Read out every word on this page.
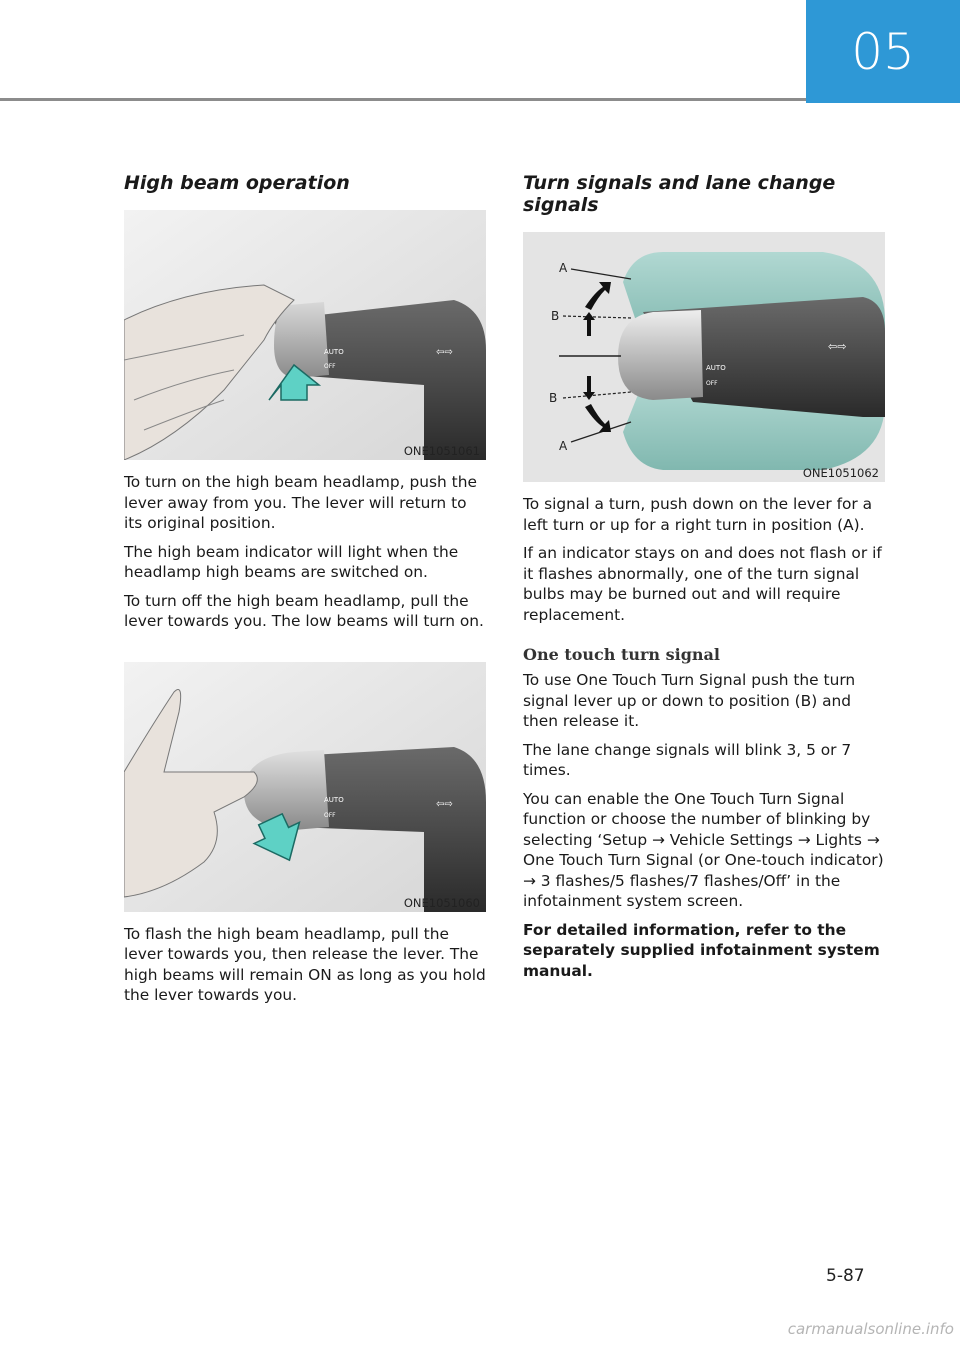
05
High beam operation
AUTO
OFF
⇦⇨
ONE1051061

To turn on the high beam headlamp, push the lever away from you. The lever will return to its original position.

The high beam indicator will light when the headlamp high beams are switched on.

To turn off the high beam headlamp, pull the lever towards you. The low beams will turn on.

AUTO
OFF
⇦⇨
ONE1051060

To flash the high beam headlamp, pull the lever towards you, then release the lever. The high beams will remain ON as long as you hold the lever towards you.

Turn signals and lane change signals
AUTO
OFF
⇦⇨
A
B
B
A
ONE1051062

To signal a turn, push down on the lever for a left turn or up for a right turn in position (A).

If an indicator stays on and does not flash or if it flashes abnormally, one of the turn signal bulbs may be burned out and will require replacement.

One touch turn signal

To use One Touch Turn Signal push the turn signal lever up or down to position (B) and then release it.

The lane change signals will blink 3, 5 or 7 times.

You can enable the One Touch Turn Signal function or choose the number of blinking by selecting ‘Setup → Vehicle Settings → Lights → One Touch Turn Signal (or One-touch indicator) → 3 flashes/5 flashes/7 flashes/Off’ in the infotainment system screen.

For detailed information, refer to the separately supplied infotainment system manual.

5-87
carmanualsonline.info
